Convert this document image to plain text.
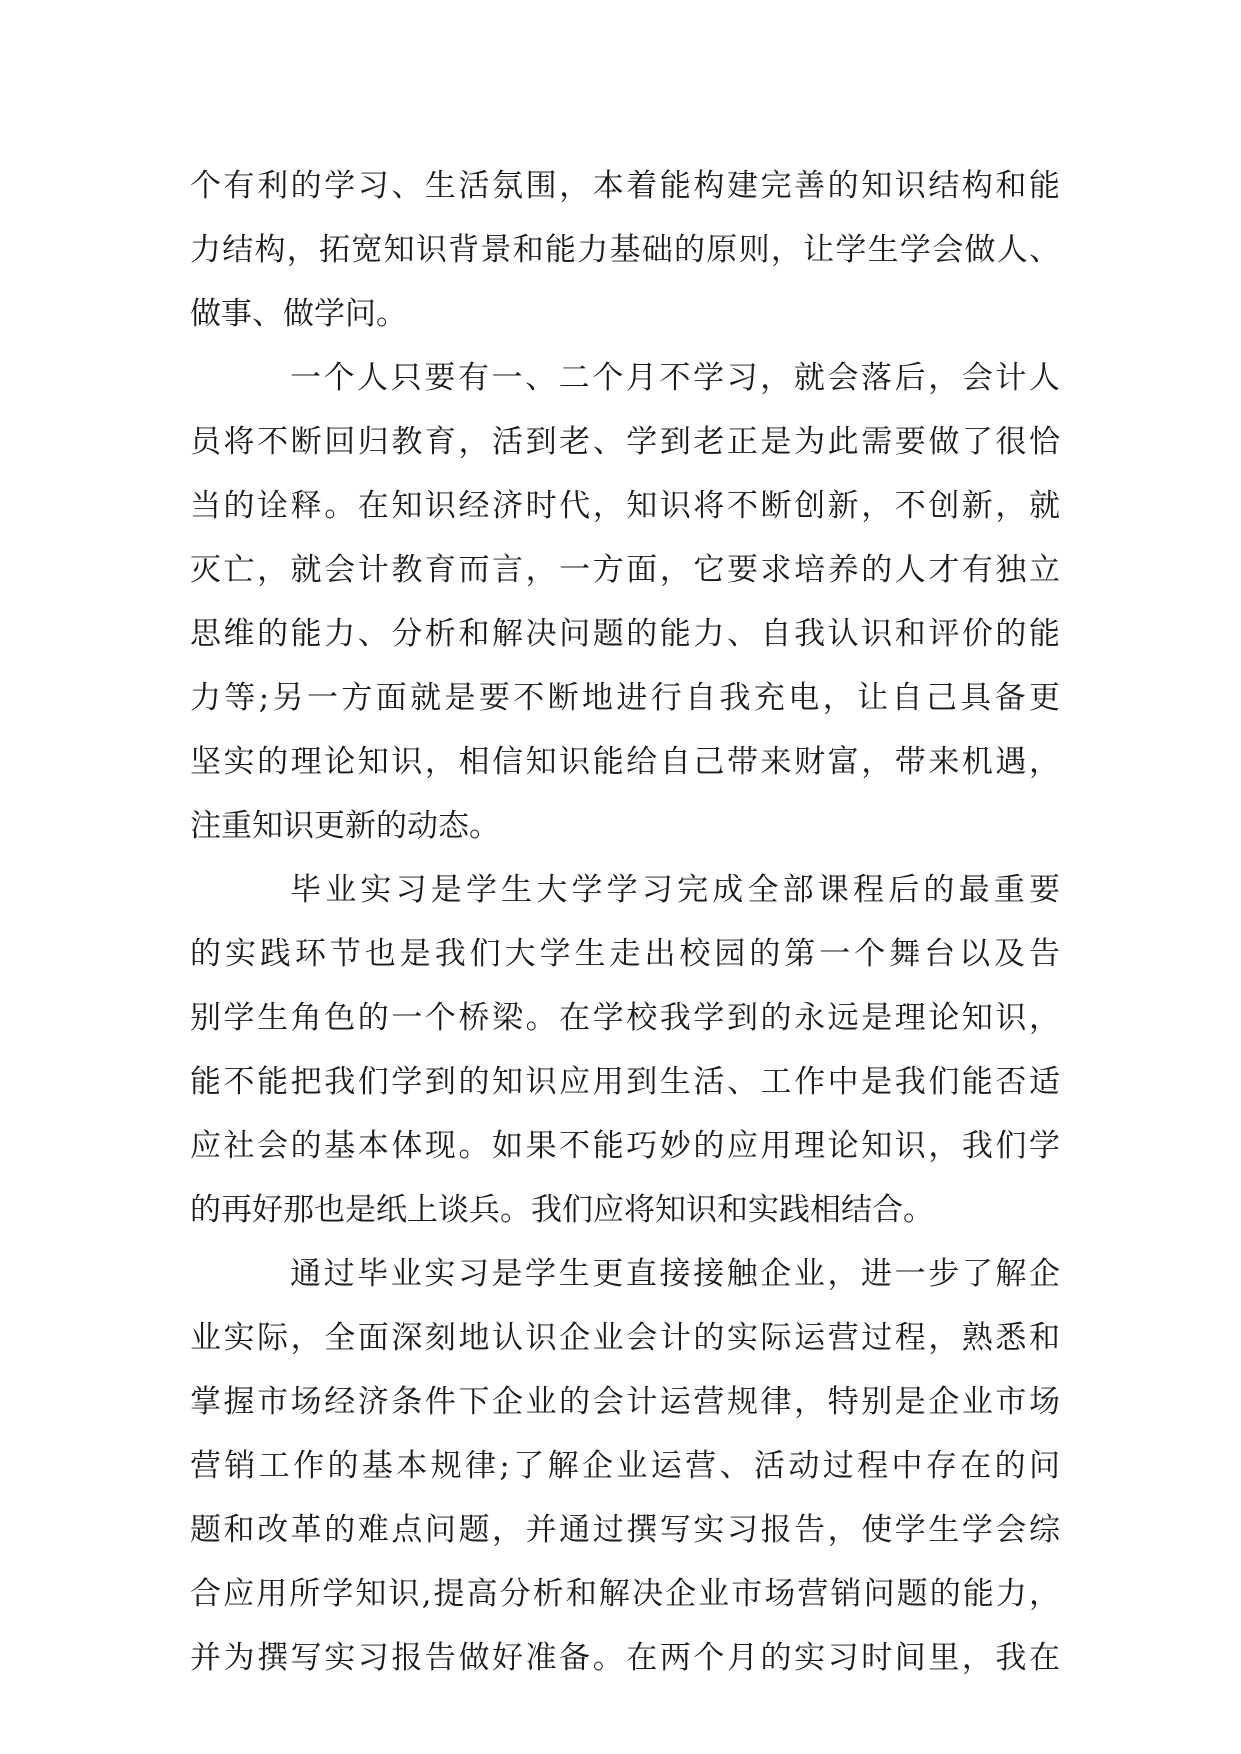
个有利的学习、生活氛围，本着能构建完善的知识结构和能
力结构，拓宽知识背景和能力基础的原则，让学生学会做人、
做事、做学问。
一个人只要有一、二个月不学习，就会落后，会计人
员将不断回归教育，活到老、学到老正是为此需要做了很恰
当的诠释。在知识经济时代，知识将不断创新，不创新，就
灭亡，就会计教育而言，一方面，它要求培养的人才有独立
思维的能力、分析和解决问题的能力、自我认识和评价的能
力等;另一方面就是要不断地进行自我充电，让自己具备更
坚实的理论知识，相信知识能给自己带来财富，带来机遇，
注重知识更新的动态。
毕业实习是学生大学学习完成全部课程后的最重要
的实践环节也是我们大学生走出校园的第一个舞台以及告
别学生角色的一个桥梁。在学校我学到的永远是理论知识，
能不能把我们学到的知识应用到生活、工作中是我们能否适
应社会的基本体现。如果不能巧妙的应用理论知识，我们学
的再好那也是纸上谈兵。我们应将知识和实践相结合。
通过毕业实习是学生更直接接触企业，进一步了解企
业实际，全面深刻地认识企业会计的实际运营过程，熟悉和
掌握市场经济条件下企业的会计运营规律，特别是企业市场
营销工作的基本规律;了解企业运营、活动过程中存在的问
题和改革的难点问题，并通过撰写实习报告，使学生学会综
合应用所学知识,提高分析和解决企业市场营销问题的能力，
并为撰写实习报告做好准备。在两个月的实习时间里，我在
